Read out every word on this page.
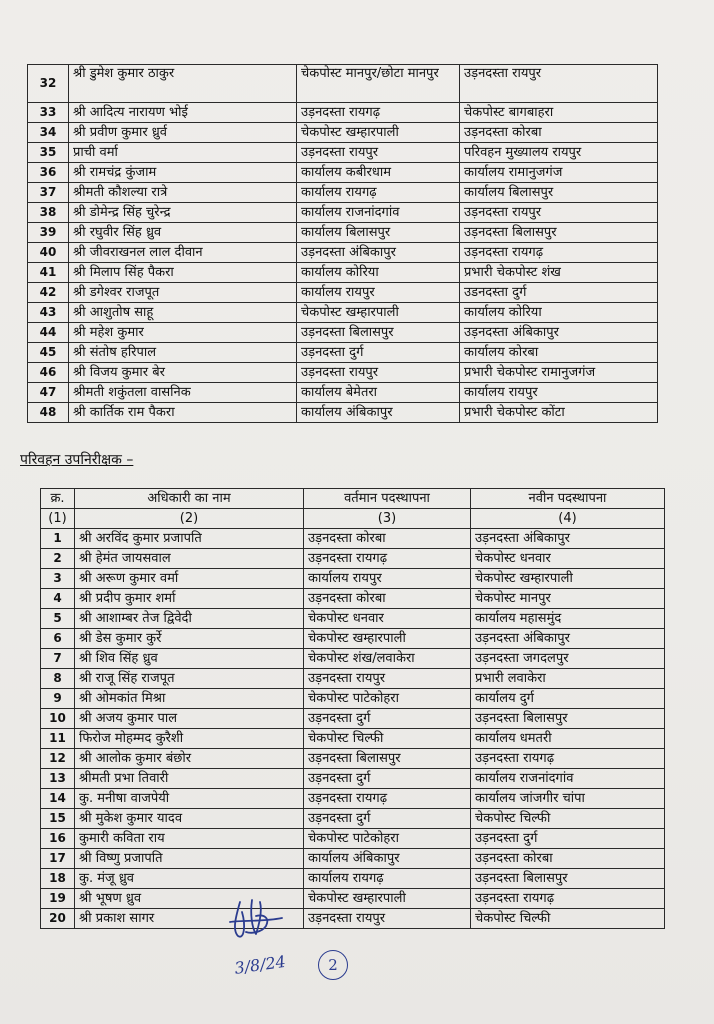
32	श्री डुमेश कुमार ठाकुर	चेकपोस्ट मानपुर/छोटा मानपुर	उड़नदस्ता रायपुर
33	श्री आदित्य नारायण भोई	उड़नदस्ता रायगढ़	चेकपोस्ट बागबाहरा
34	श्री प्रवीण कुमार ध्रुर्व	चेकपोस्ट खम्हारपाली	उड़नदस्ता कोरबा
35	प्राची वर्मा	उड़नदस्ता रायपुर	परिवहन मुख्यालय रायपुर
36	श्री रामचंद्र कुंजाम	कार्यालय कबीरधाम	कार्यालय रामानुजगंज
37	श्रीमती कौशल्या रात्रे	कार्यालय रायगढ़	कार्यालय बिलासपुर
38	श्री डोमेन्द्र सिंह चुरेन्द्र	कार्यालय राजनांदगांव	उड़नदस्ता रायपुर
39	श्री रघुवीर सिंह ध्रुव	कार्यालय बिलासपुर	उड़नदस्ता बिलासपुर
40	श्री जीवराखनल लाल दीवान	उड़नदस्ता अंबिकापुर	उड़नदस्ता रायगढ़
41	श्री मिलाप सिंह पैकरा	कार्यालय कोरिया	प्रभारी चेकपोस्ट शंख
42	श्री डगेश्वर राजपूत	कार्यालय रायपुर	उडनदस्ता दुर्ग
43	श्री आशुतोष साहू	चेकपोस्ट खम्हारपाली	कार्यालय कोरिया
44	श्री महेश कुमार	उड़नदस्ता बिलासपुर	उड़नदस्ता अंबिकापुर
45	श्री संतोष हरिपाल	उड़नदस्ता दुर्ग	कार्यालय कोरबा
46	श्री विजय कुमार बेर	उड़नदस्ता रायपुर	प्रभारी चेकपोस्ट रामानुजगंज
47	श्रीमती शकुंतला वासनिक	कार्यालय बेमेतरा	कार्यालय रायपुर
48	श्री कार्तिक राम पैकरा	कार्यालय अंबिकापुर	प्रभारी चेकपोस्ट कोंटा
परिवहन उपनिरीक्षक –
क्र.	अधिकारी का नाम	वर्तमान पदस्थापना	नवीन पदस्थापना
(1)	(2)	(3)	(4)
1	श्री अरविंद कुमार प्रजापति	उड़नदस्ता कोरबा	उड़नदस्ता अंबिकापुर
2	श्री हेमंत जायसवाल	उड़नदस्ता रायगढ़	चेकपोस्ट धनवार
3	श्री अरूण कुमार वर्मा	कार्यालय रायपुर	चेकपोस्ट खम्हारपाली
4	श्री प्रदीप कुमार शर्मा	उड़नदस्ता कोरबा	चेकपोस्ट मानपुर
5	श्री आशाम्बर तेज द्विवेदी	चेकपोस्ट धनवार	कार्यालय महासमुंद
6	श्री डेस कुमार कुर्रे	चेकपोस्ट खम्हारपाली	उड़नदस्ता अंबिकापुर
7	श्री शिव सिंह ध्रुव	चेकपोस्ट शंख/लवाकेरा	उड़नदस्ता जगदलपुर
8	श्री राजू सिंह राजपूत	उड़नदस्ता रायपुर	प्रभारी लवाकेरा
9	श्री ओमकांत मिश्रा	चेकपोस्ट पाटेकोहरा	कार्यालय दुर्ग
10	श्री अजय कुमार पाल	उड़नदस्ता दुर्ग	उड़नदस्ता बिलासपुर
11	फिरोज मोहम्मद कुरैशी	चेकपोस्ट चिल्फी	कार्यालय धमतरी
12	श्री आलोक कुमार बंछोर	उड़नदस्ता बिलासपुर	उड़नदस्ता रायगढ़
13	श्रीमती प्रभा तिवारी	उड़नदस्ता दुर्ग	कार्यालय राजनांदगांव
14	कु. मनीषा वाजपेयी	उड़नदस्ता रायगढ़	कार्यालय जांजगीर चांपा
15	श्री मुकेश कुमार यादव	उड़नदस्ता दुर्ग	चेकपोस्ट चिल्फी
16	कुमारी कविता राय	चेकपोस्ट पाटेकोहरा	उड़नदस्ता दुर्ग
17	श्री विष्णु प्रजापति	कार्यालय अंबिकापुर	उड़नदस्ता कोरबा
18	कु. मंजू ध्रुव	कार्यालय रायगढ़	उड़नदस्ता बिलासपुर
19	श्री भूषण ध्रुव	चेकपोस्ट खम्हारपाली	उड़नदस्ता रायगढ़
20	श्री प्रकाश सागर	उड़नदस्ता रायपुर	चेकपोस्ट चिल्फी
3/8/24	2
